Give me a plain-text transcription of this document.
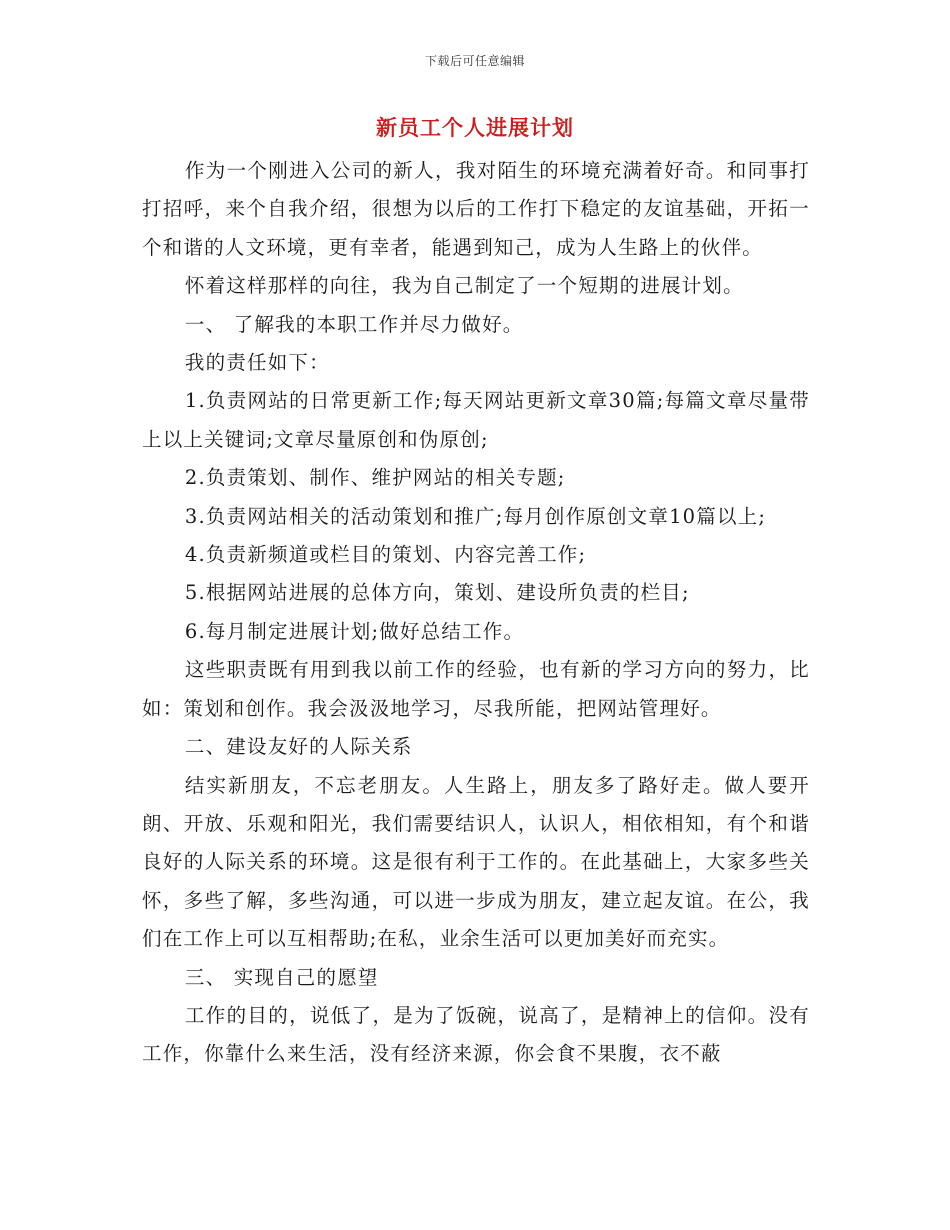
下载后可任意编辑
新员工个人进展计划

作为一个刚进入公司的新人，我对陌生的环境充满着好奇。和同事打打招呼，来个自我介绍，很想为以后的工作打下稳定的友谊基础，开拓一个和谐的人文环境，更有幸者，能遇到知己，成为人生路上的伙伴。

怀着这样那样的向往，我为自己制定了一个短期的进展计划。

一、 了解我的本职工作并尽力做好。

我的责任如下：

1.负责网站的日常更新工作;每天网站更新文章30篇;每篇文章尽量带上以上关键词;文章尽量原创和伪原创;

2.负责策划、制作、维护网站的相关专题;

3.负责网站相关的活动策划和推广;每月创作原创文章10篇以上;

4.负责新频道或栏目的策划、内容完善工作;

5.根据网站进展的总体方向，策划、建设所负责的栏目;

6.每月制定进展计划;做好总结工作。

这些职责既有用到我以前工作的经验，也有新的学习方向的努力，比如：策划和创作。我会汲汲地学习，尽我所能，把网站管理好。

二、建设友好的人际关系

结实新朋友，不忘老朋友。人生路上，朋友多了路好走。做人要开朗、开放、乐观和阳光，我们需要结识人，认识人，相依相知，有个和谐良好的人际关系的环境。这是很有利于工作的。在此基础上，大家多些关怀，多些了解，多些沟通，可以进一步成为朋友，建立起友谊。在公，我们在工作上可以互相帮助;在私，业余生活可以更加美好而充实。

三、 实现自己的愿望

工作的目的，说低了，是为了饭碗，说高了，是精神上的信仰。没有工作，你靠什么来生活，没有经济来源，你会食不果腹，衣不蔽
